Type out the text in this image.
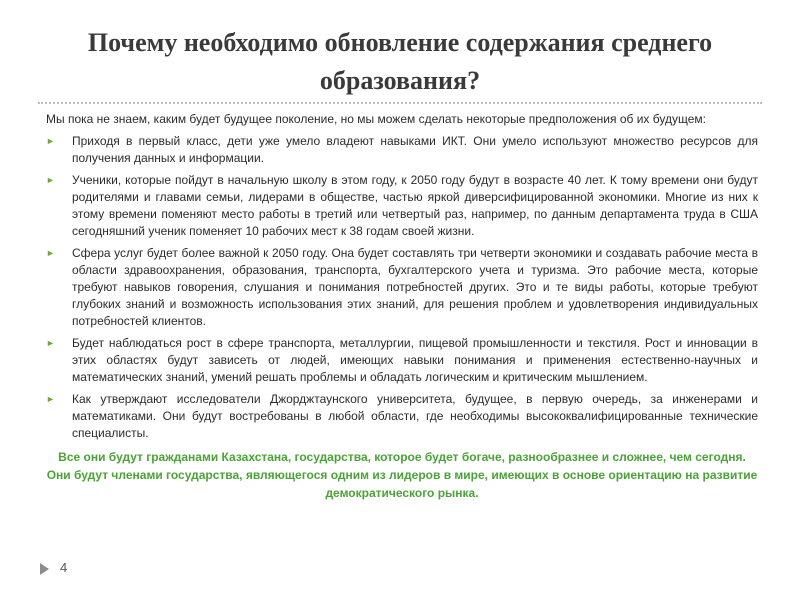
Почему необходимо обновление содержания среднего образования?

Мы пока не знаем, каким будет будущее поколение, но мы можем сделать некоторые предположения об их будущем:

► Приходя в первый класс, дети уже умело владеют навыками ИКТ. Они умело используют множество ресурсов для получения данных и информации.
► Ученики, которые пойдут в начальную школу в этом году, к 2050 году будут в возрасте 40 лет. К тому времени они будут родителями и главами семьи, лидерами в обществе, частью яркой диверсифицированной экономики. Многие из них к этому времени поменяют место работы в третий или четвертый раз, например, по данным департамента труда в США сегодняшний ученик поменяет 10 рабочих мест к 38 годам своей жизни.
► Сфера услуг будет более важной к 2050 году. Она будет составлять три четверти экономики и создавать рабочие места в области здравоохранения, образования, транспорта, бухгалтерского учета и туризма. Это рабочие места, которые требуют навыков говорения, слушания и понимания потребностей других. Это и те виды работы, которые требуют глубоких знаний и возможность использования этих знаний, для решения проблем и удовлетворения индивидуальных потребностей клиентов.
► Будет наблюдаться рост в сфере транспорта, металлургии, пищевой промышленности и текстиля. Рост и инновации в этих областях будут зависеть от людей, имеющих навыки понимания и применения естественно-научных и математических знаний, умений решать проблемы и обладать логическим и критическим мышлением.
► Как утверждают исследователи Джорджтаунского университета, будущее, в первую очередь, за инженерами и математиками. Они будут востребованы в любой области, где необходимы высококвалифицированные технические специалисты.

Все они будут гражданами Казахстана, государства, которое будет богаче, разнообразнее и сложнее, чем сегодня. Они будут членами государства, являющегося одним из лидеров в мире, имеющих в основе ориентацию на развитие демократического рынка.

4
